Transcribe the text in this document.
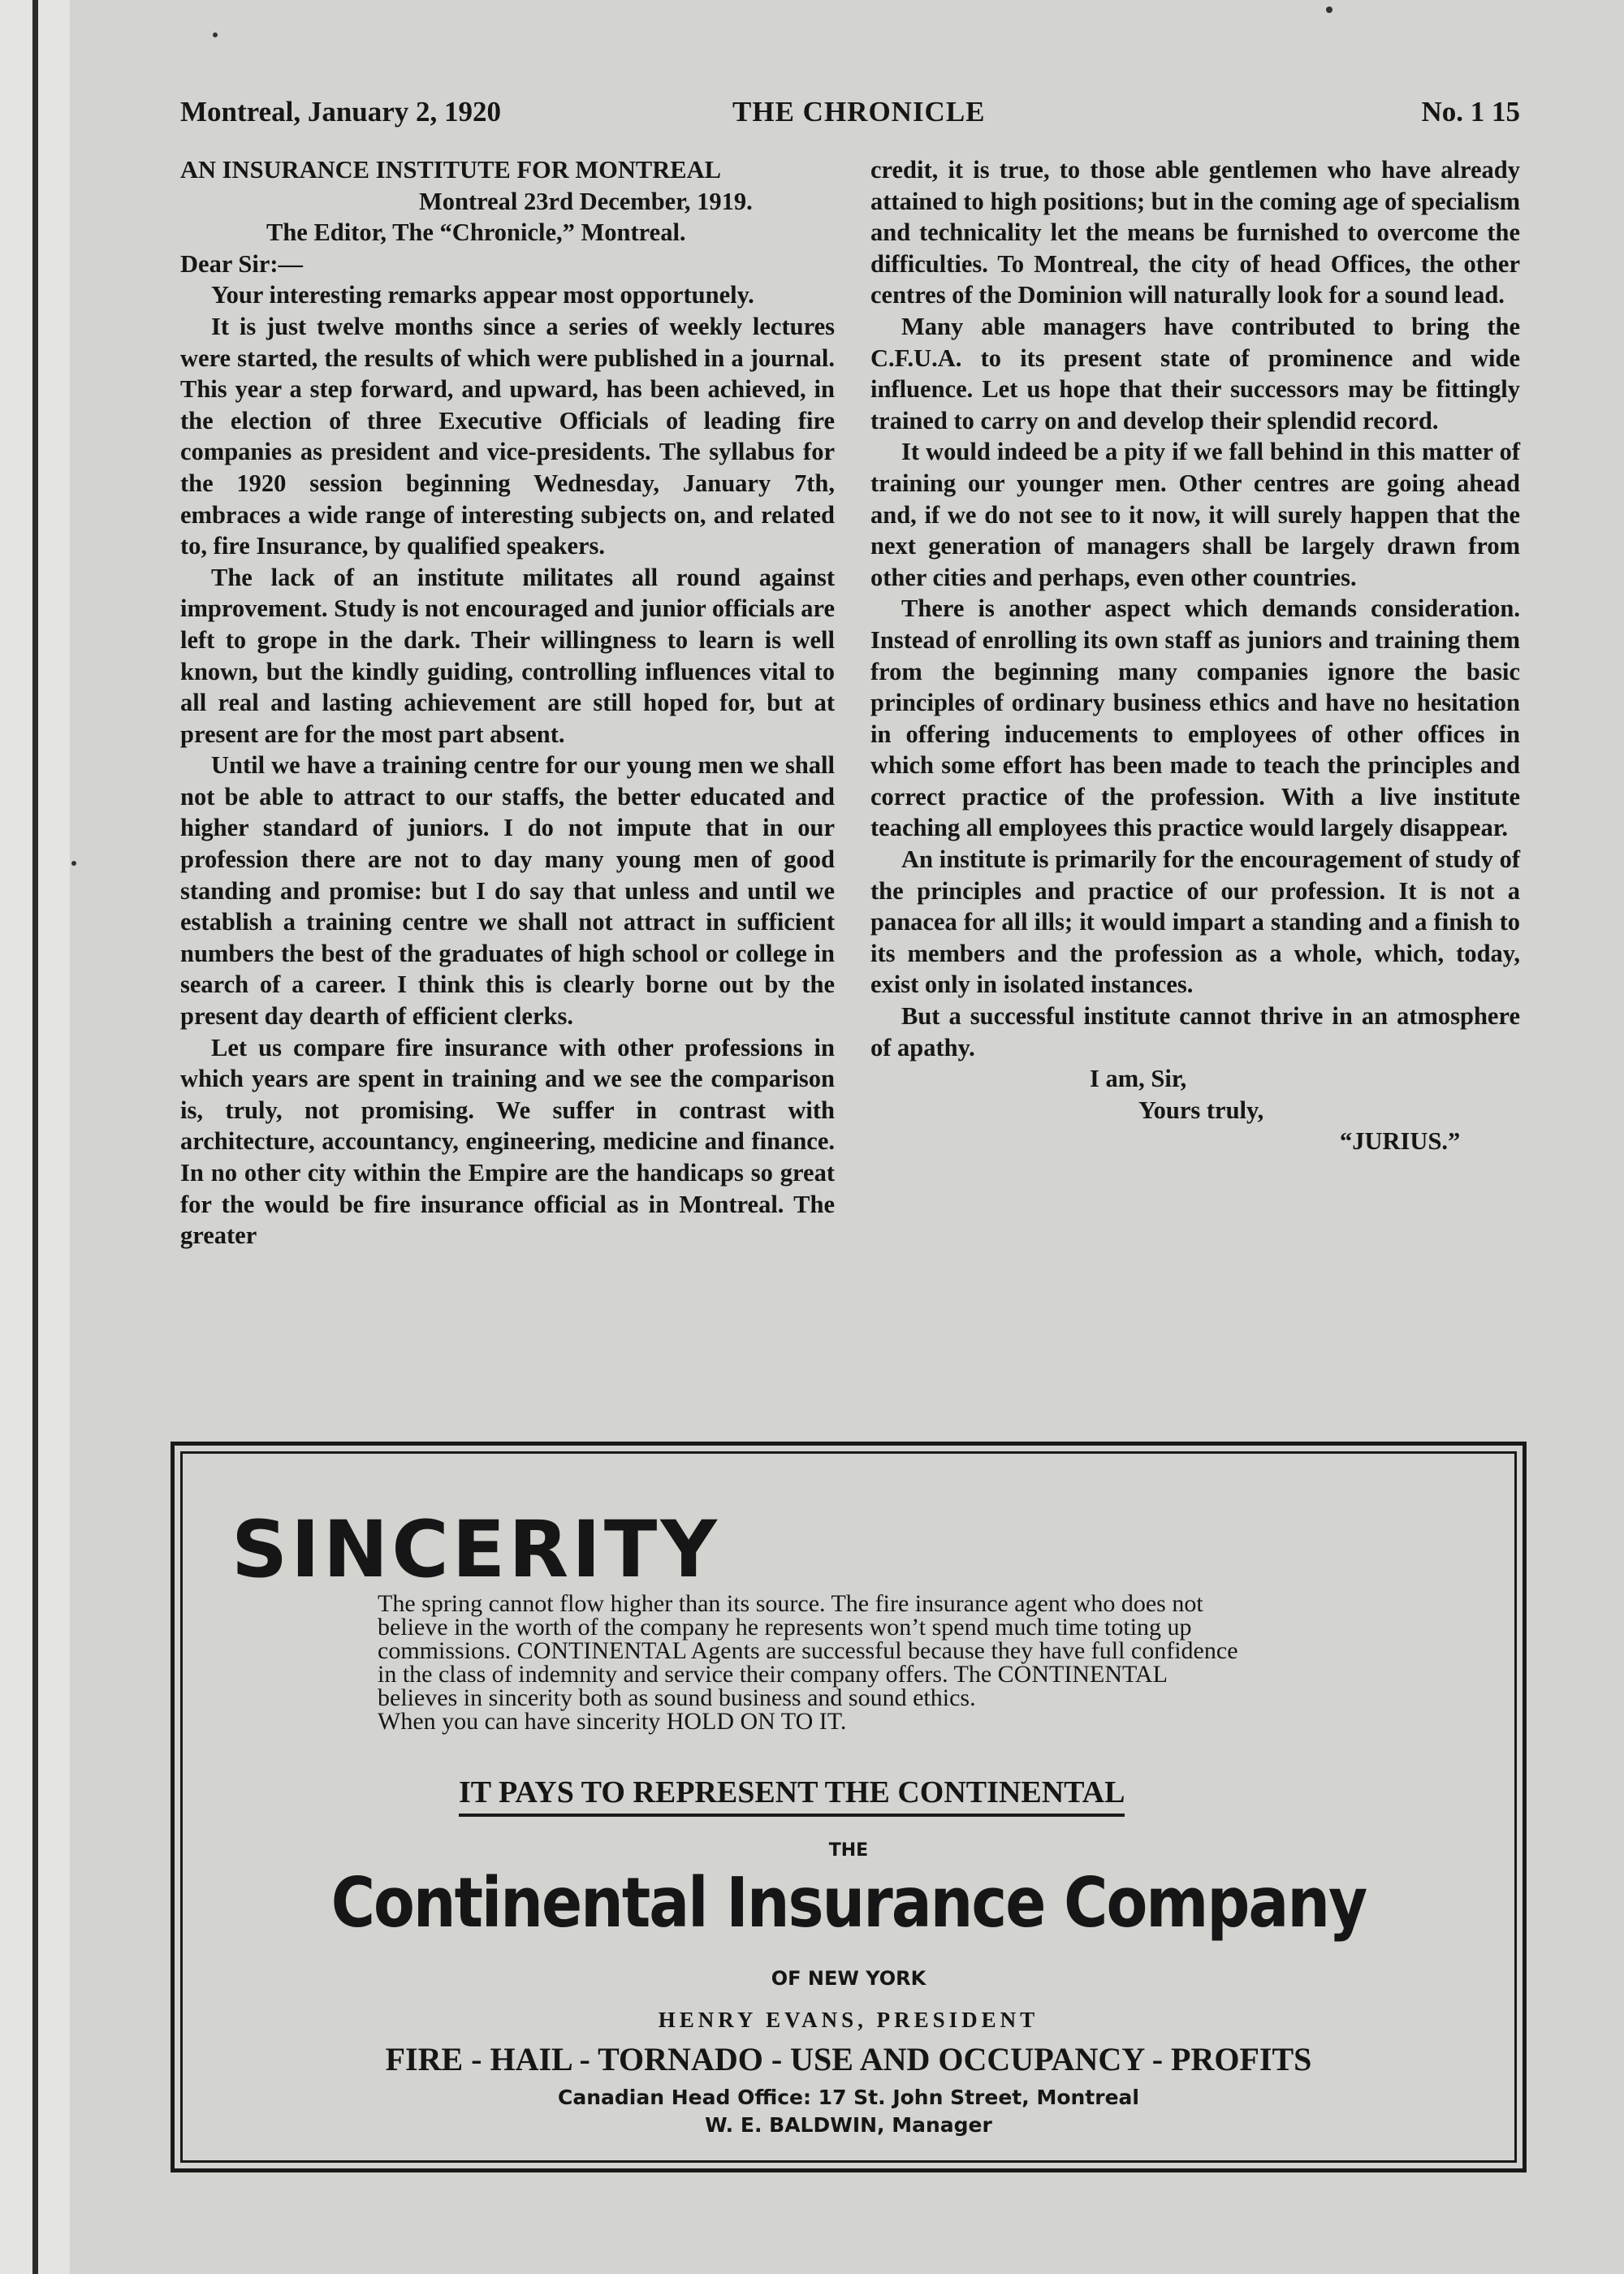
Montreal, January 2, 1920	THE CHRONICLE	No. 1 15
AN INSURANCE INSTITUTE FOR MONTREAL
Montreal 23rd December, 1919.
The Editor, The “Chronicle,” Montreal.
Dear Sir:—

Your interesting remarks appear most opportunely.

It is just twelve months since a series of weekly lectures were started, the results of which were published in a journal. This year a step forward, and upward, has been achieved, in the election of three Executive Officials of leading fire companies as president and vice-presidents. The syllabus for the 1920 session beginning Wednesday, January 7th, embraces a wide range of interesting subjects on, and related to, fire Insurance, by qualified speakers.

The lack of an institute militates all round against improvement. Study is not encouraged and junior officials are left to grope in the dark. Their willingness to learn is well known, but the kindly guiding, controlling influences vital to all real and lasting achievement are still hoped for, but at present are for the most part absent.

Until we have a training centre for our young men we shall not be able to attract to our staffs, the better educated and higher standard of juniors. I do not impute that in our profession there are not to day many young men of good standing and promise: but I do say that unless and until we establish a training centre we shall not attract in sufficient numbers the best of the graduates of high school or college in search of a career. I think this is clearly borne out by the present day dearth of efficient clerks.

Let us compare fire insurance with other professions in which years are spent in training and we see the comparison is, truly, not promising. We suffer in contrast with architecture, accountancy, engineering, medicine and finance. In no other city within the Empire are the handicaps so great for the would be fire insurance official as in Montreal. The greater

credit, it is true, to those able gentlemen who have already attained to high positions; but in the coming age of specialism and technicality let the means be furnished to overcome the difficulties. To Montreal, the city of head Offices, the other centres of the Dominion will naturally look for a sound lead.

Many able managers have contributed to bring the C.F.U.A. to its present state of prominence and wide influence. Let us hope that their successors may be fittingly trained to carry on and develop their splendid record.

It would indeed be a pity if we fall behind in this matter of training our younger men. Other centres are going ahead and, if we do not see to it now, it will surely happen that the next generation of managers shall be largely drawn from other cities and perhaps, even other countries.

There is another aspect which demands consideration. Instead of enrolling its own staff as juniors and training them from the beginning many companies ignore the basic principles of ordinary business ethics and have no hesitation in offering inducements to employees of other offices in which some effort has been made to teach the principles and correct practice of the profession. With a live institute teaching all employees this practice would largely disappear.

An institute is primarily for the encouragement of study of the principles and practice of our profession. It is not a panacea for all ills; it would impart a standing and a finish to its members and the profession as a whole, which, today, exist only in isolated instances.

But a successful institute cannot thrive in an atmosphere of apathy.

I am, Sir,
Yours truly,
“JURIUS.”
SINCERITY
The spring cannot flow higher than its source. The fire insurance agent who does not
believe in the worth of the company he represents won’t spend much time toting up
commissions. CONTINENTAL Agents are successful because they have full confidence
in the class of indemnity and service their company offers. The CONTINENTAL
believes in sincerity both as sound business and sound ethics.
When you can have sincerity HOLD ON TO IT.
IT PAYS TO REPRESENT THE CONTINENTAL
THE
Continental Insurance Company
OF NEW YORK
HENRY EVANS, PRESIDENT
FIRE - HAIL - TORNADO - USE AND OCCUPANCY - PROFITS
Canadian Head Office: 17 St. John Street, Montreal
W. E. BALDWIN, Manager
